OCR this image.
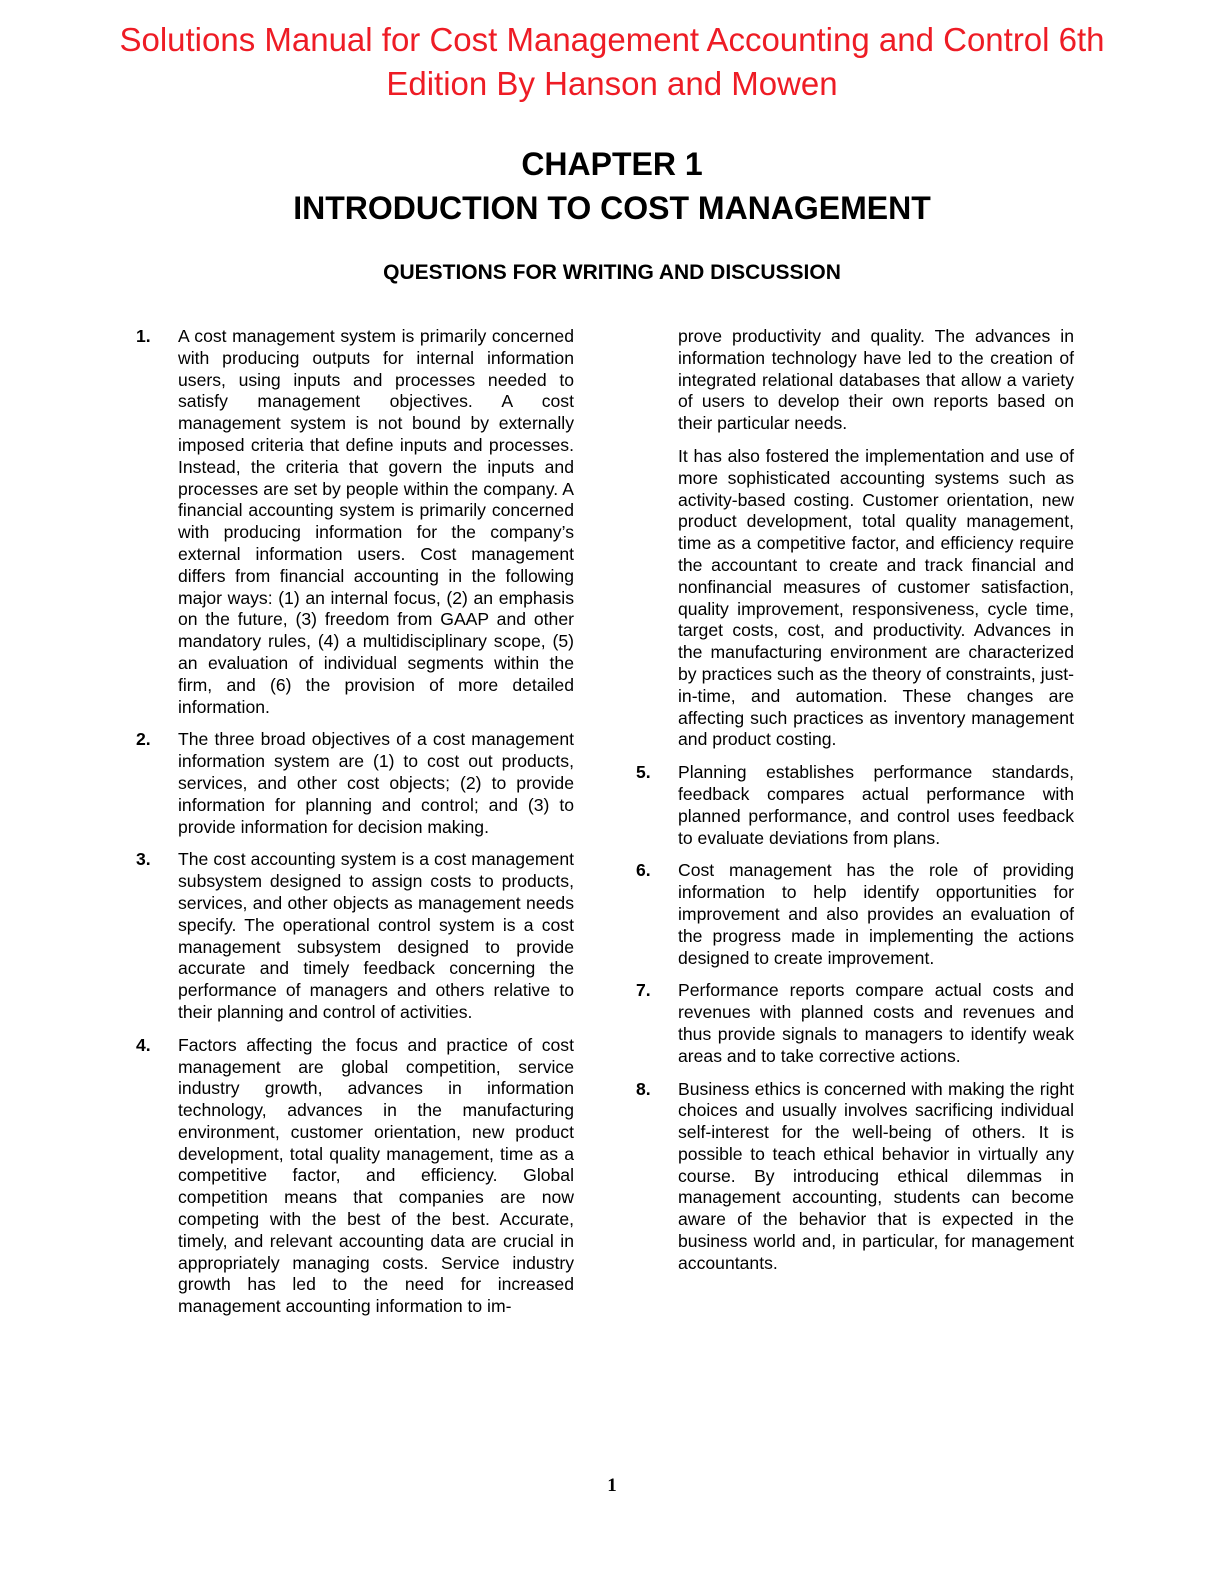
Solutions Manual for Cost Management Accounting and Control 6th
Edition By Hanson and Mowen
CHAPTER 1
INTRODUCTION TO COST MANAGEMENT
QUESTIONS FOR WRITING AND DISCUSSION
1.	A cost management system is primarily concerned with producing outputs for internal information users, using inputs and processes needed to satisfy management objectives. A cost management system is not bound by externally imposed criteria that define inputs and processes. Instead, the criteria that govern the inputs and processes are set by people within the company. A financial accounting system is primarily concerned with producing information for the company’s external information users. Cost management differs from financial accounting in the following major ways: (1) an internal focus, (2) an emphasis on the future, (3) freedom from GAAP and other mandatory rules, (4) a multidisciplinary scope, (5) an evaluation of individual segments within the firm, and (6) the provision of more detailed information.

2.	The three broad objectives of a cost management information system are (1) to cost out products, services, and other cost objects; (2) to provide information for planning and control; and (3) to provide information for decision making.

3.	The cost accounting system is a cost management subsystem designed to assign costs to products, services, and other objects as management needs specify. The operational control system is a cost management subsystem designed to provide accurate and timely feedback concerning the performance of managers and others relative to their planning and control of activities.

4.	Factors affecting the focus and practice of cost management are global competition, service industry growth, advances in information technology, advances in the manufacturing environment, customer orientation, new product development, total quality management, time as a competitive factor, and efficiency. Global competition means that companies are now competing with the best of the best. Accurate, timely, and relevant accounting data are crucial in appropriately managing costs. Service industry growth has led to the need for increased management accounting information to im-

prove productivity and quality. The advances in information technology have led to the creation of integrated relational databases that allow a variety of users to develop their own reports based on their particular needs.

It has also fostered the implementation and use of more sophisticated accounting systems such as activity-based costing. Customer orientation, new product development, total quality management, time as a competitive factor, and efficiency require the accountant to create and track financial and nonfinancial measures of customer satisfaction, quality improvement, responsiveness, cycle time, target costs, cost, and productivity. Advances in the manufacturing environment are characterized by practices such as the theory of constraints, just-in-time, and automation. These changes are affecting such practices as inventory management and product costing.

5.	Planning establishes performance standards, feedback compares actual performance with planned performance, and control uses feedback to evaluate deviations from plans.

6.	Cost management has the role of providing information to help identify opportunities for improvement and also provides an evaluation of the progress made in implementing the actions designed to create improvement.

7.	Performance reports compare actual costs and revenues with planned costs and revenues and thus provide signals to managers to identify weak areas and to take corrective actions.

8.	Business ethics is concerned with making the right choices and usually involves sacrificing individual self-interest for the well-being of others. It is possible to teach ethical behavior in virtually any course. By introducing ethical dilemmas in management accounting, students can become aware of the behavior that is expected in the business world and, in particular, for management accountants.

1
